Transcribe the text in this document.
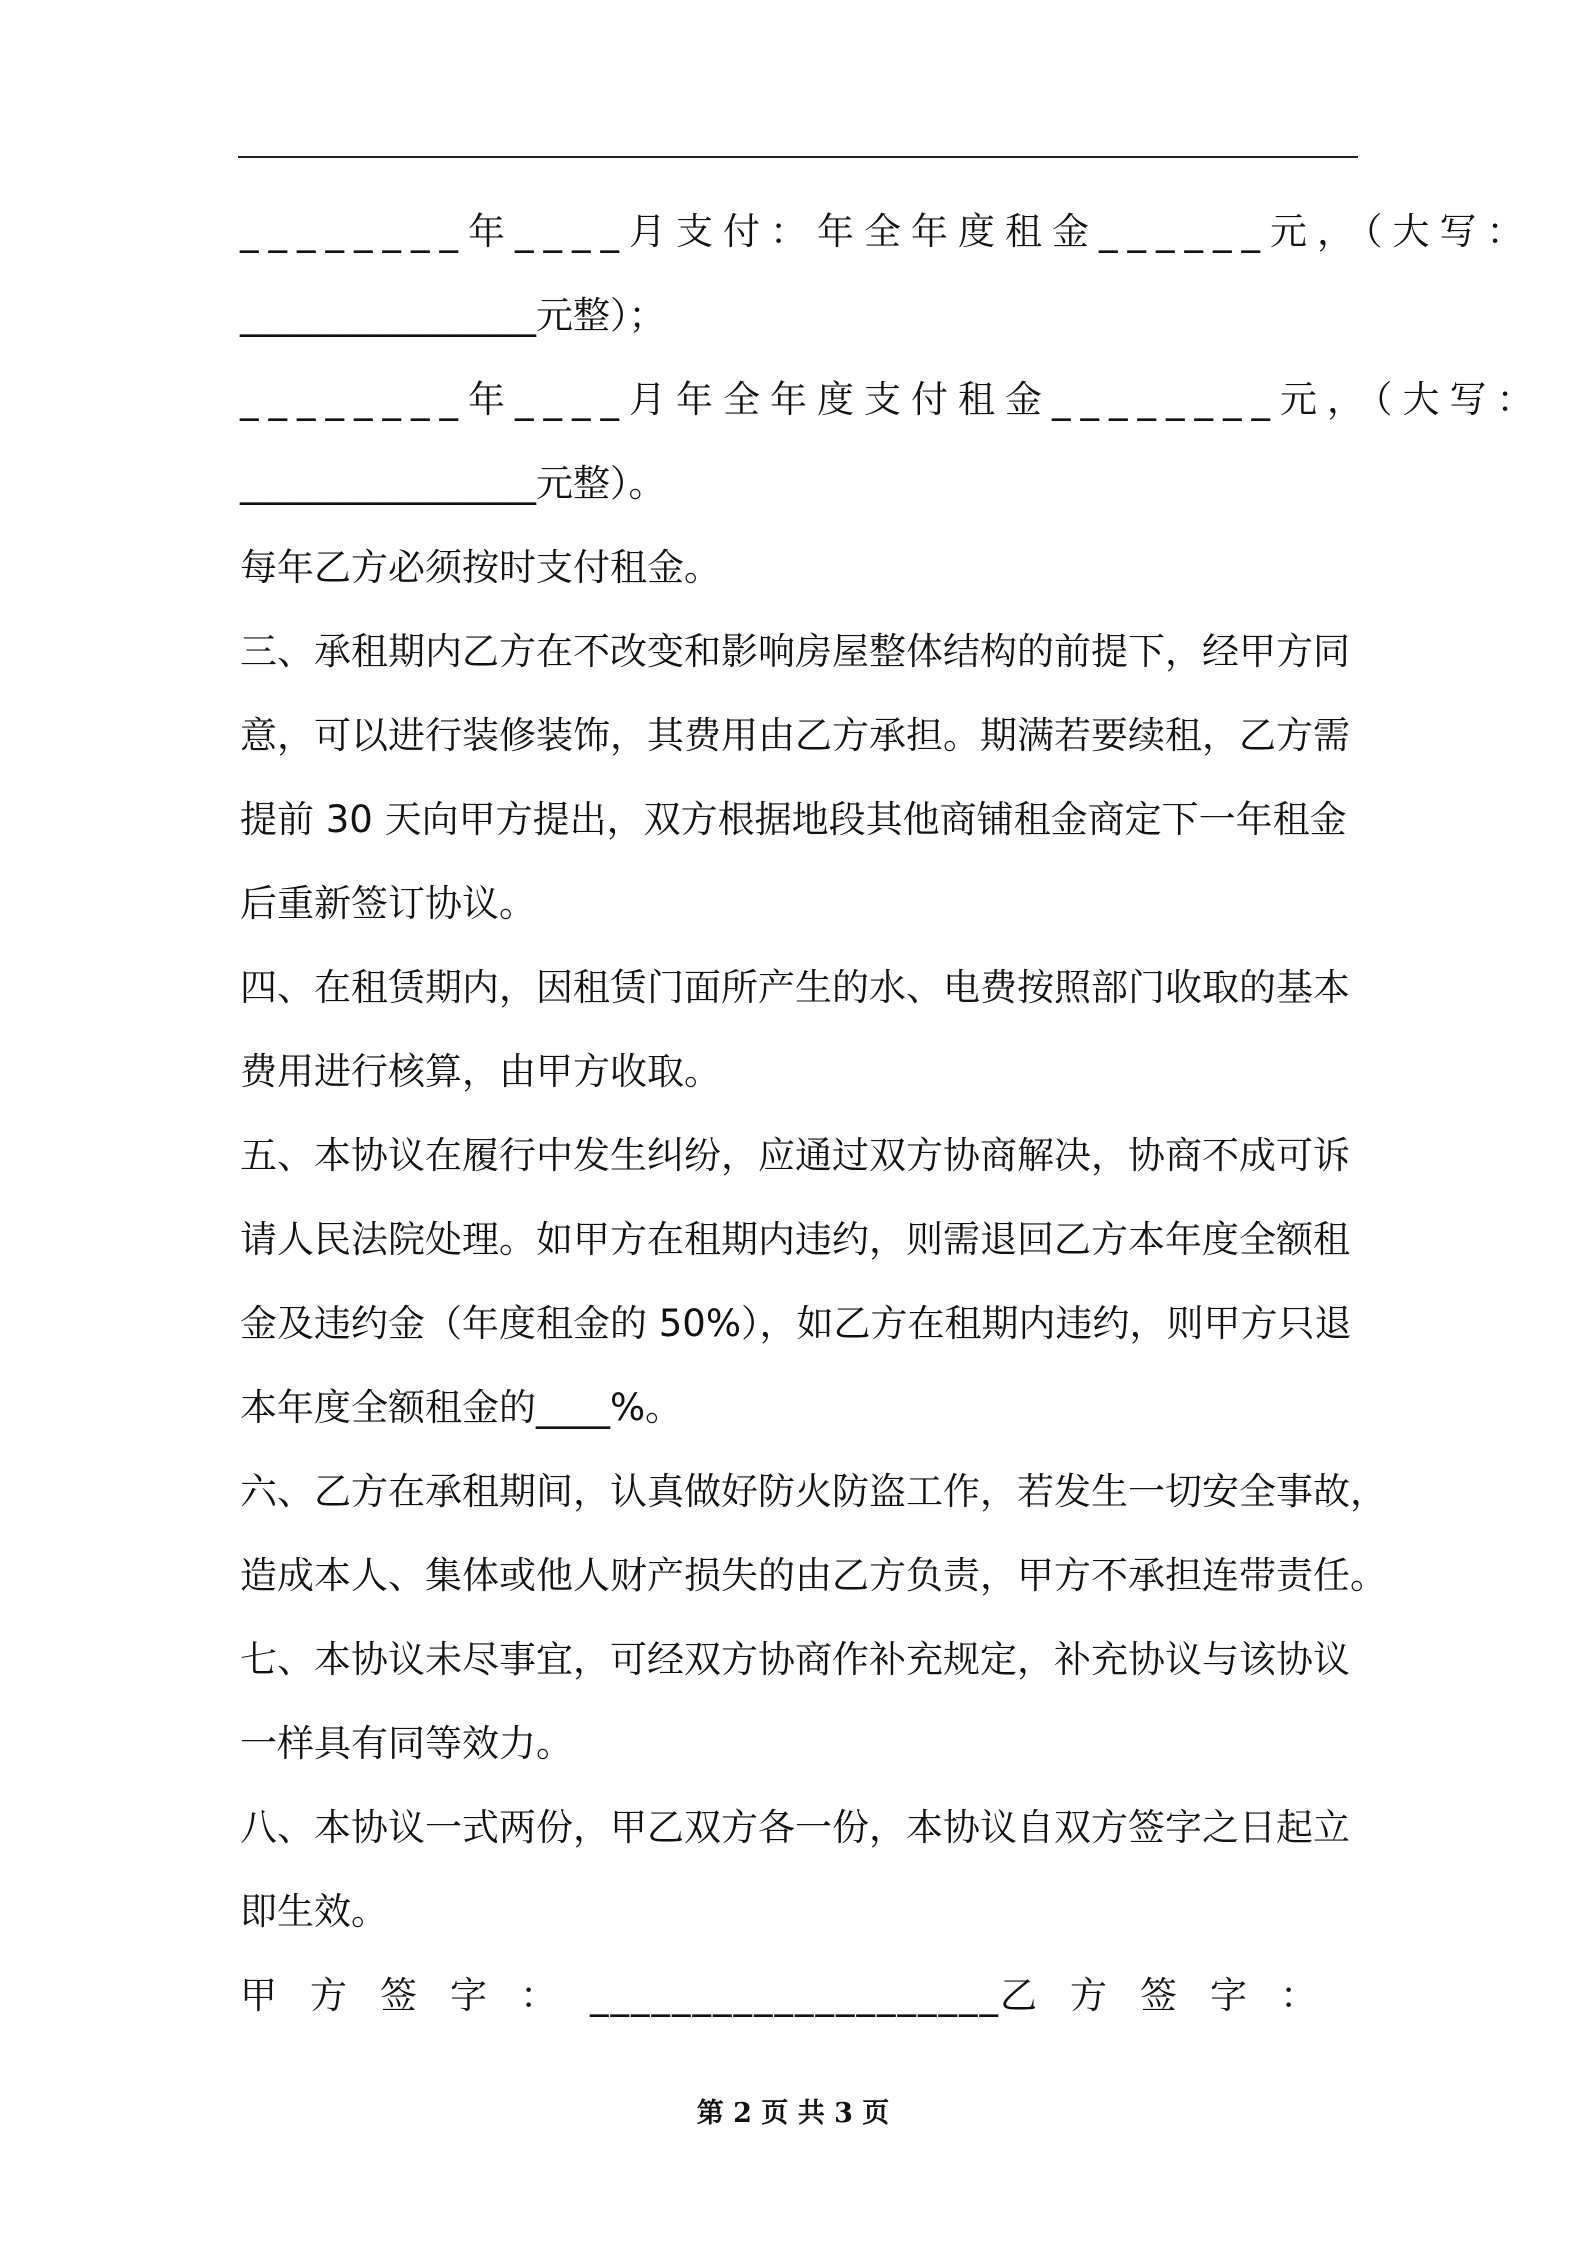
________年____月支付：年全年度租金______元，（大写：
________________元整）；
________年____月年全年度支付租金________元，（大写：
________________元整）。
每年乙方必须按时支付租金。
三、承租期内乙方在不改变和影响房屋整体结构的前提下，经甲方同
意，可以进行装修装饰，其费用由乙方承担。期满若要续租，乙方需
提前 30 天向甲方提出，双方根据地段其他商铺租金商定下一年租金
后重新签订协议。
四、在租赁期内，因租赁门面所产生的水、电费按照部门收取的基本
费用进行核算，由甲方收取。
五、本协议在履行中发生纠纷，应通过双方协商解决，协商不成可诉
请人民法院处理。如甲方在租期内违约，则需退回乙方本年度全额租
金及违约金（年度租金的 50%），如乙方在租期内违约，则甲方只退
本年度全额租金的____%。
六、乙方在承租期间，认真做好防火防盗工作，若发生一切安全事故，
造成本人、集体或他人财产损失的由乙方负责，甲方不承担连带责任。
七、本协议未尽事宜，可经双方协商作补充规定，补充协议与该协议
一样具有同等效力。
八、本协议一式两份，甲乙双方各一份，本协议自双方签字之日起立
即生效。
甲方签字：____________________乙方签字：
第 2 页 共 3 页
